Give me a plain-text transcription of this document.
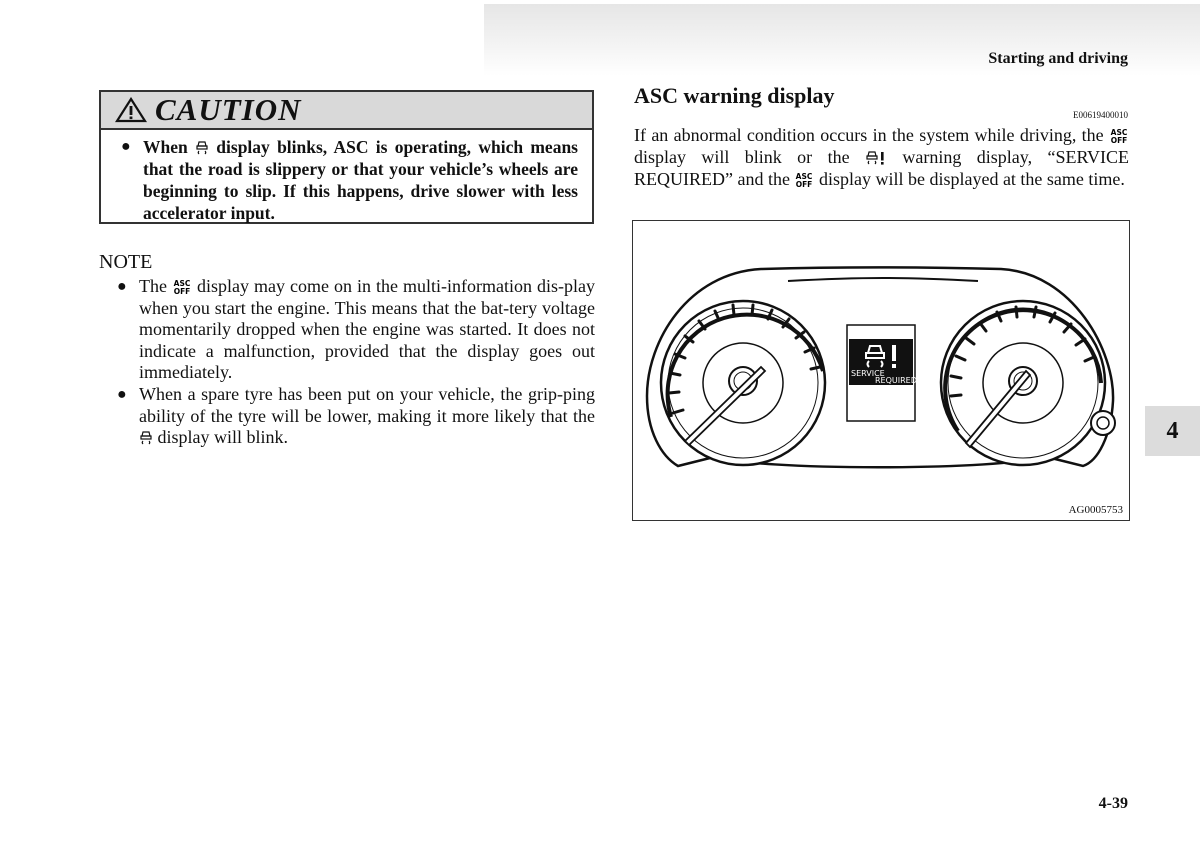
Starting and driving
CAUTION
● When display blinks, ASC is operating, which means that the road is slippery or that your vehicle’s wheels are beginning to slip. If this happens, drive slower with less accelerator input.
NOTE
● The ASC
OFF display may come on in the multi-information dis-play when you start the engine. This means that the bat-tery voltage momentarily dropped when the engine was started. It does not indicate a malfunction, provided that the display goes out immediately.
● When a spare tyre has been put on your vehicle, the grip-ping ability of the tyre will be lower, making it more likely that the  display will blink.
ASC warning display
E00619400010
If an abnormal condition occurs in the system while driving, the ASC
OFF
display will blink or the	warning display, “SERVICE REQUIRED” and the ASC
OFF display will be displayed at the same time.
SERVICE
REQUIRED
AG0005753
4
4-39
